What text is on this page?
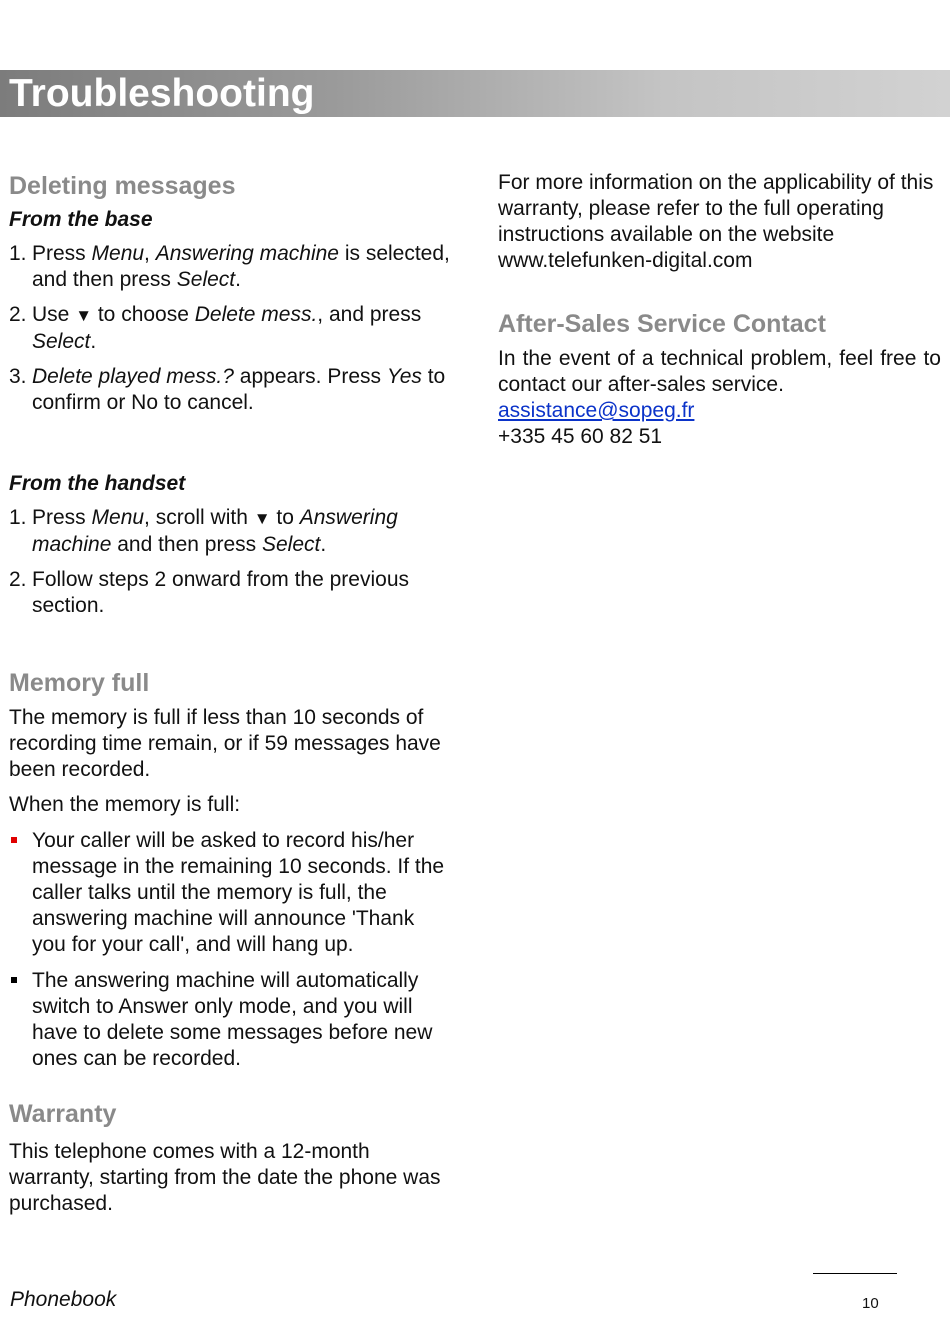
Troubleshooting
Deleting messages
From the base
1. Press Menu, Answering machine is selected, and then press Select.
2. Use ▼ to choose Delete mess., and press Select.
3. Delete played mess.? appears. Press Yes to confirm or No to cancel.
From the handset
1. Press Menu, scroll with ▼ to Answering machine and then press Select.
2. Follow steps 2 onward from the previous section.
Memory full

The memory is full if less than 10 seconds of recording time remain, or if 59 messages have been recorded.

When the memory is full:

Your caller will be asked to record his/her message in the remaining 10 seconds. If the caller talks until the memory is full, the answering machine will announce 'Thank you for your call', and will hang up.
The answering machine will automatically switch to Answer only mode, and you will have to delete some messages before new ones can be recorded.
Warranty

This telephone comes with a 12-month warranty, starting from the date the phone was purchased.

For more information on the applicability of this warranty, please refer to the full operating instructions available on the website www.telefunken-digital.com

After-Sales Service Contact

In the event of a technical problem, feel free to contact our after-sales service.

assistance@sopeg.fr

+335 45 60 82 51

Phonebook	10
